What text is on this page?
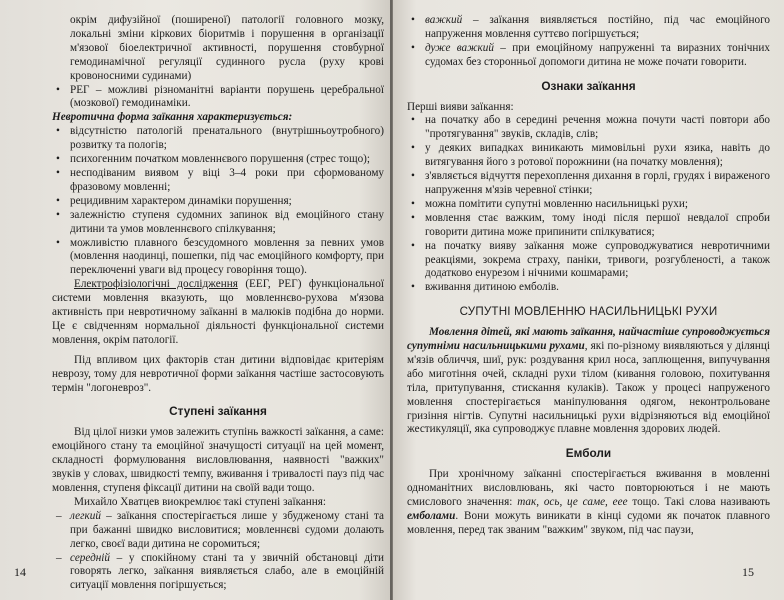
окрім дифузійної (поширеної) патології головного мозку, локальні зміни кіркових біоритмів і порушення в організації м'язової біоелектричної активності, порушення стовбурної гемодинамічної регуляції судинного русла (руху крові кровоносними судинами)

• РЕГ – можливі різноманітні варіанти порушень церебральної (мозкової) гемодинаміки.

Невротична форма заїкання характеризується:

• відсутністю патологій пренатального (внутрішньоутробного) розвитку та пологів;
• психогенним початком мовленнєвого порушення (стрес тощо);
• несподіваним виявом у віці 3–4 роки при сформованому фразовому мовленні;
• рецидивним характером динаміки порушення;
• залежністю ступеня судомних запинок від емоційного стану дитини та умов мовленнєвого спілкування;
• можливістю плавного безсудомного мовлення за певних умов (мовлення наодинці, пошепки, під час емоційного комфорту, при переключенні уваги від процесу говоріння тощо).

Електрофізіологічні дослідження (ЕЕГ, РЕГ) функціональної системи мовлення вказують, що мовленнєво-рухова м'язова активність при невротичному заїканні в малюків подібна до норми. Це є свідченням нормальної діяльності функціональної системи мовлення, окрім патології.

Під впливом цих факторів стан дитини відповідає критеріям неврозу, тому для невротичної форми заїкання частіше застосовують термін "логоневроз".

Ступені заїкання

Від цілої низки умов залежить ступінь важкості заїкання, а саме: емоційного стану та емоційної значущості ситуації на цей момент, складності формулювання висловлювання, наявності "важких" звуків у словах, швидкості темпу, вживання і тривалості пауз під час мовлення, ступеня фіксації дитини на своїй вади тощо.

Михайло Хватцев виокремлює такі ступені заїкання:

– легкий – заїкання спостерігається лише у збудженому стані та при бажанні швидко висловитися; мовленнєві судоми долають легко, своєї вади дитина не соромиться;
– середній – у спокійному стані та у звичній обстановці діти говорять легко, заїкання виявляється слабо, але в емоційній ситуації мовлення погіршується;
14
• важкий – заїкання виявляється постійно, під час емоційного напруження мовлення суттєво погіршується;
• дуже важкий – при емоційному напруженні та виразних тонічних судомах без сторонньої допомоги дитина не може почати говорити.
Ознаки заїкання

Перші вияви заїкання:

• на початку або в середині речення можна почути часті повтори або "протягування" звуків, складів, слів;
• у деяких випадках виникають мимовільні рухи язика, навіть до витягування його з ротової порожнини (на початку мовлення);
• з'являється відчуття перехоплення дихання в горлі, грудях і вираженого напруження м'язів черевної стінки;
• можна помітити супутні мовленню насильницькі рухи;
• мовлення стає важким, тому іноді після першої невдалої спроби говорити дитина може припинити спілкуватися;
• на початку вияву заїкання може супроводжуватися невротичними реакціями, зокрема страху, паніки, тривоги, розгубленості, а також додатково енурезом і нічними кошмарами;
• вживання дитиною емболів.
СУПУТНІ МОВЛЕННЮ НАСИЛЬНИЦЬКІ РУХИ

Мовлення дітей, які мають заїкання, найчастіше супроводжується супутніми насильницькими рухами, які по-різному виявляються у ділянці м'язів обличчя, шиї, рук: роздування крил носа, заплющення, випучування або миготіння очей, складні рухи тілом (кивання головою, похитування тіла, притупування, стискання кулаків). Також у процесі напруженого мовлення спостерігається маніпулювання одягом, неконтрольоване гризіння нігтів. Супутні насильницькі рухи відрізняються від емоційної жестикуляції, яка супроводжує плавне мовлення здорових людей.

Емболи

При хронічному заїканні спостерігається вживання в мовленні одноманітних висловлювань, які часто повторюються і не мають смислового значення: так, ось, це саме, еее тощо. Такі слова називають емболами. Вони можуть виникати в кінці судоми як початок плавного мовлення, перед так званим "важким" звуком, під час паузи,

15
